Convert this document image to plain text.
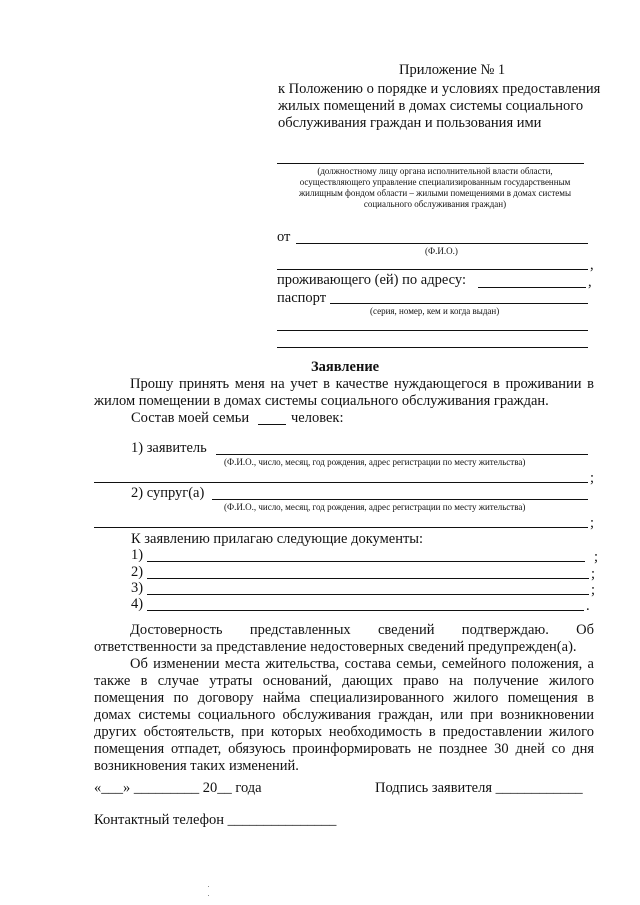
Приложение № 1
к Положению о порядке и условиях предоставления
жилых помещений в домах системы социального
обслуживания граждан и пользования ими
(должностному лицу органа исполнительной власти области, осуществляющего управление специализированным государственным жилищным фондом области – жилыми помещениями в домах системы социального обслуживания граждан)
от
(Ф.И.О.)
,
проживающего (ей) по адресу:	,
паспорт
(серия, номер, кем и когда выдан)
Заявление
Прошу принять меня на учет в качестве нуждающегося в проживании в жилом помещении в домах системы социального обслуживания граждан.
Состав моей семьи	человек:
1) заявитель
(Ф.И.О., число, месяц, год рождения, адрес регистрации по месту жительства)
;
2) супруг(а)
(Ф.И.О., число, месяц, год рождения, адрес регистрации по месту жительства)
;
К заявлению прилагаю следующие документы:
1)	;
2)	;
3)	;
4)	.
Достоверность представленных сведений подтверждаю. Об ответственности за представление недостоверных сведений предупрежден(а).
Об изменении места жительства, состава семьи, семейного положения, а также в случае утраты оснований, дающих право на получение жилого помещения по договору найма специализированного жилого помещения в домах системы социального обслуживания граждан, или при возникновении других обстоятельств, при которых необходимость в предоставлении жилого помещения отпадет, обязуюсь проинформировать не позднее 30 дней со дня возникновения таких изменений.
«___» _________ 20__ года	Подпись заявителя ____________
Контактный телефон _______________
